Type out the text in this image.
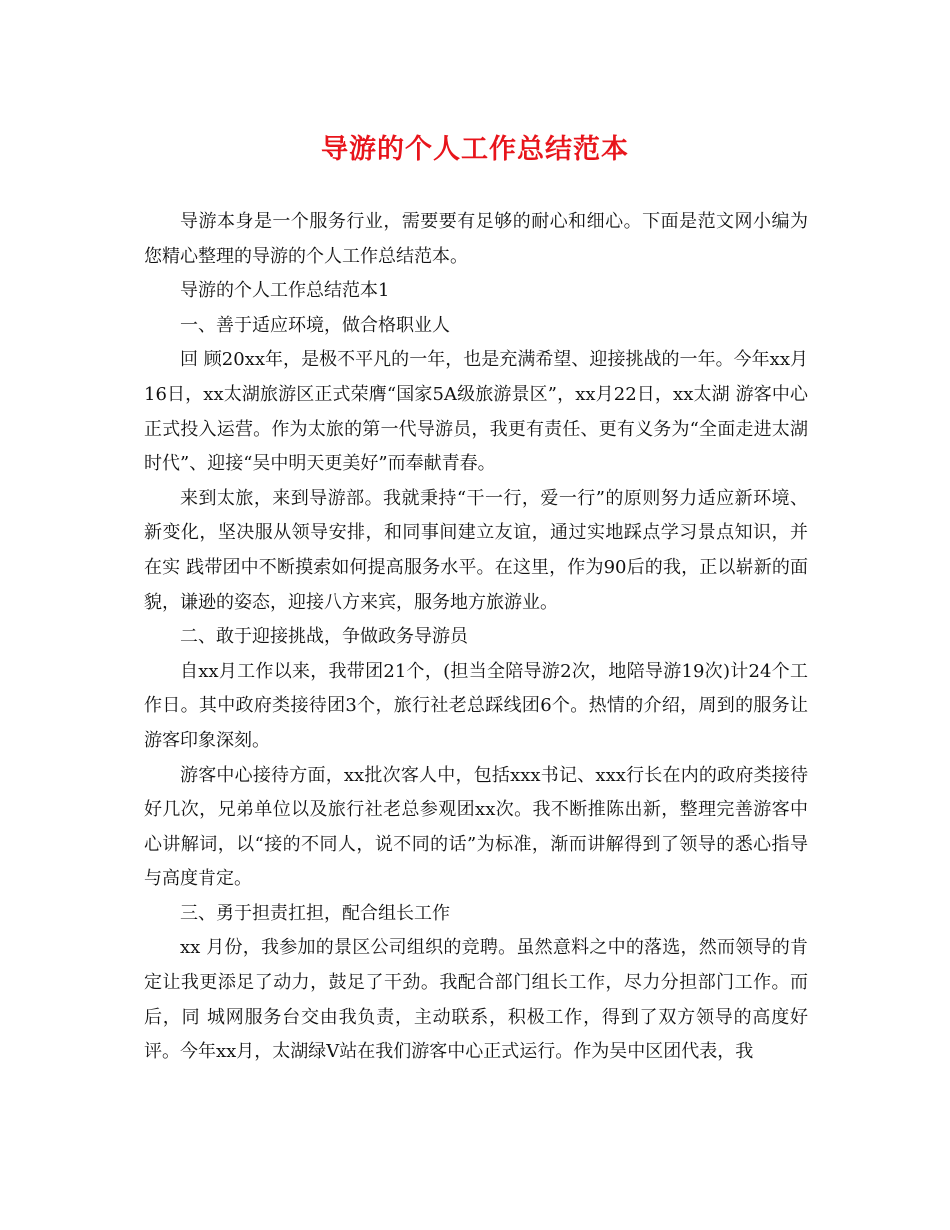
导游的个人工作总结范本

导游本身是一个服务行业，需要要有足够的耐心和细心。下面是范文网小编为您精心整理的导游的个人工作总结范本。

导游的个人工作总结范本1

一、善于适应环境，做合格职业人

回 顾20xx年，是极不平凡的一年，也是充满希望、迎接挑战的一年。今年xx月16日，xx太湖旅游区正式荣膺“国家5A级旅游景区”，xx月22日，xx太湖 游客中心正式投入运营。作为太旅的第一代导游员，我更有责任、更有义务为“全面走进太湖时代”、迎接“吴中明天更美好”而奉献青春。

来到太旅，来到导游部。我就秉持“干一行，爱一行”的原则努力适应新环境、新变化，坚决服从领导安排，和同事间建立友谊，通过实地踩点学习景点知识，并在实 践带团中不断摸索如何提高服务水平。在这里，作为90后的我，正以崭新的面貌，谦逊的姿态，迎接八方来宾，服务地方旅游业。

二、敢于迎接挑战，争做政务导游员

自xx月工作以来，我带团21个，(担当全陪导游2次，地陪导游19次)计24个工作日。其中政府类接待团3个，旅行社老总踩线团6个。热情的介绍，周到的服务让游客印象深刻。

游客中心接待方面，xx批次客人中，包括xxx书记、xxx行长在内的政府类接待好几次，兄弟单位以及旅行社老总参观团xx次。我不断推陈出新，整理完善游客中心讲解词，以“接的不同人，说不同的话”为标准，渐而讲解得到了领导的悉心指导与高度肯定。

三、勇于担责扛担，配合组长工作

xx 月份，我参加的景区公司组织的竞聘。虽然意料之中的落选，然而领导的肯定让我更添足了动力，鼓足了干劲。我配合部门组长工作，尽力分担部门工作。而后，同 城网服务台交由我负责，主动联系，积极工作，得到了双方领导的高度好评。今年xx月，太湖绿V站在我们游客中心正式运行。作为吴中区团代表，我
